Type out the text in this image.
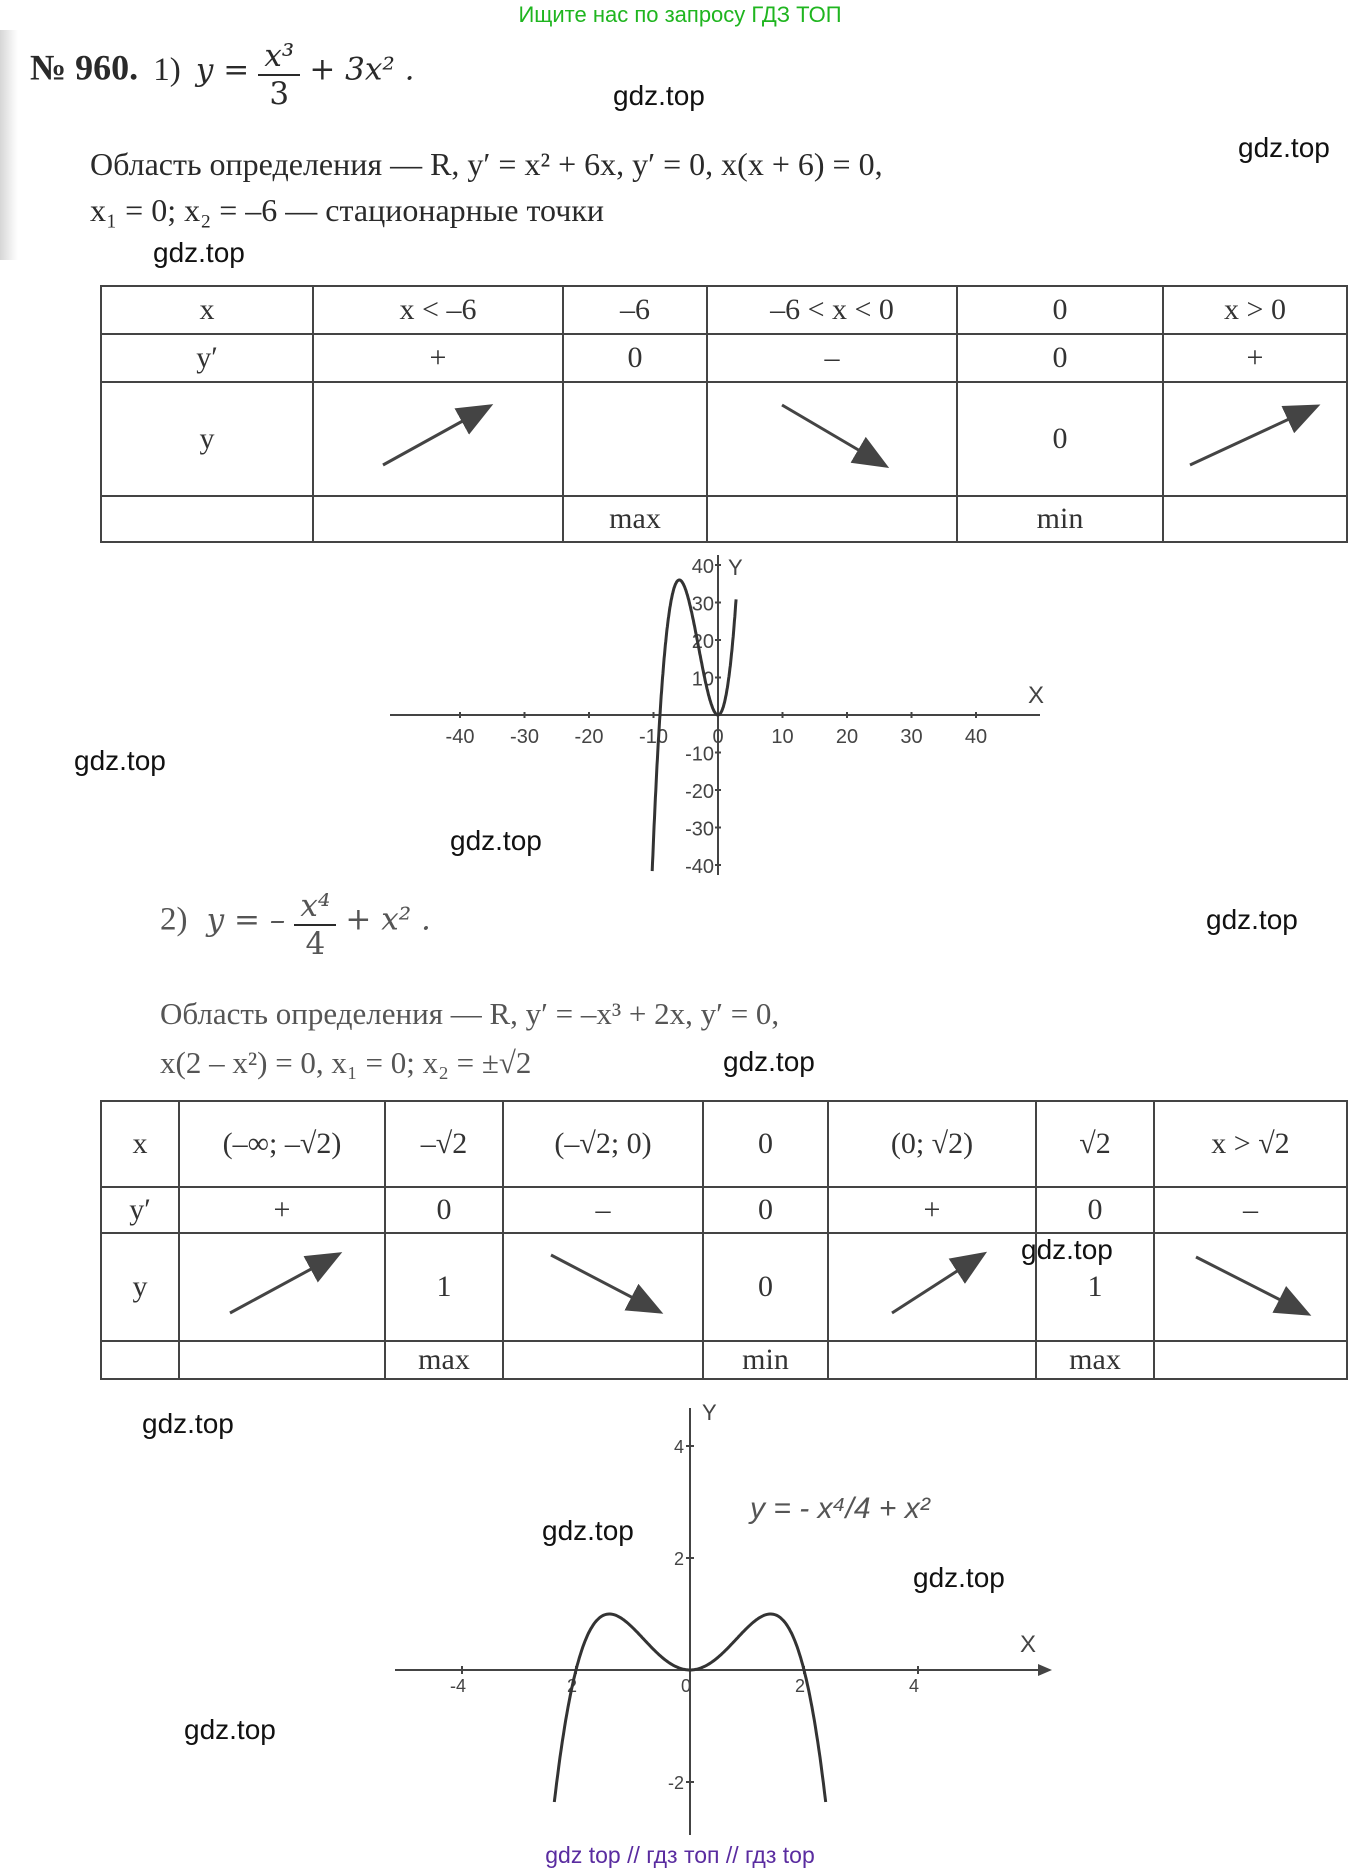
Ищите нас по запросу ГДЗ ТОП
№ 960. 1) $y = \frac{\text{x³}}{3} + 3x^2$ .
Область определения — R, y′ = x² + 6x, y′ = 0, x(x + 6) = 0,
x₁ = 0; x₂ = –6 — стационарные точки
x	x < –6	–6	–6 < x < 0	0	x > 0
y′	+	0	–	0	+
y				0	
		max		min	
-40 -30 -20 -10 0 10 20 30 40
40
30
20
10
-10
-20
-30
-40
X
Y
2) y = – $\frac{\text{x⁴}}{4} + x^2$ .
Область определения — R, y′ = –x³ + 2x, y′ = 0,
x(2 – x²) = 0, x₁ = 0; x₂ = ±√2
x	(–∞; –√2)	–√2	(–√2; 0)	0	(0; √2)	√2	x > √2
y′	+	0	–	0	+	0	–
y		1		0		1	
		max		min		max	
-4	2	0	2	4
4
2
-2
X
Y
y = - x⁴/4 + x²
gdz.top
gdz.top
gdz.top
gdz.top
gdz.top
gdz.top
gdz.top
gdz.top
gdz.top
gdz.top
gdz.top
gdz.top
gdz top // гдз топ // гдз top
